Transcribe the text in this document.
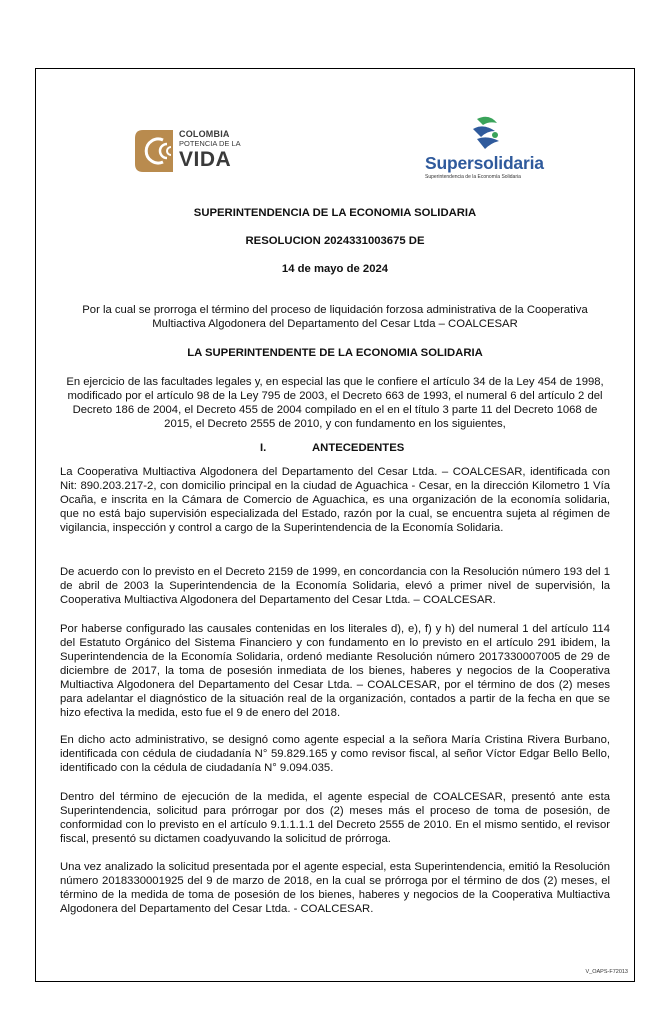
COLOMBIA
POTENCIA DE LA
VIDA	Supersolidaria
Superintendencia de la Economía Solidaria
SUPERINTENDENCIA DE LA ECONOMIA SOLIDARIA
RESOLUCION 2024331003675 DE
14 de mayo de 2024
Por la cual se prorroga el término del proceso de liquidación forzosa administrativa de la Cooperativa Multiactiva Algodonera del Departamento del Cesar Ltda – COALCESAR
LA SUPERINTENDENTE DE LA ECONOMIA SOLIDARIA
En ejercicio de las facultades legales y, en especial las que le confiere el artículo 34 de la Ley 454 de 1998, modificado por el artículo 98 de la Ley 795 de 2003, el Decreto 663 de 1993, el numeral 6 del artículo 2 del Decreto 186 de 2004, el Decreto 455 de 2004 compilado en el en el título 3 parte 11 del Decreto 1068 de 2015, el Decreto 2555 de 2010, y con fundamento en los siguientes,
I.	ANTECEDENTES
La Cooperativa Multiactiva Algodonera del Departamento del Cesar Ltda. – COALCESAR, identificada con Nit: 890.203.217-2, con domicilio principal en la ciudad de Aguachica - Cesar, en la dirección Kilometro 1 Vía Ocaña, e inscrita en la Cámara de Comercio de Aguachica, es una organización de la economía solidaria, que no está bajo supervisión especializada del Estado, razón por la cual, se encuentra sujeta al régimen de vigilancia, inspección y control a cargo de la Superintendencia de la Economía Solidaria.
De acuerdo con lo previsto en el Decreto 2159 de 1999, en concordancia con la Resolución número 193 del 1 de abril de 2003 la Superintendencia de la Economía Solidaria, elevó a primer nivel de supervisión, la Cooperativa Multiactiva Algodonera del Departamento del Cesar Ltda. – COALCESAR.
Por haberse configurado las causales contenidas en los literales d), e), f) y h) del numeral 1 del artículo 114 del Estatuto Orgánico del Sistema Financiero y con fundamento en lo previsto en el artículo 291 ibidem, la Superintendencia de la Economía Solidaria, ordenó mediante Resolución número 2017330007005 de 29 de diciembre de 2017, la toma de posesión inmediata de los bienes, haberes y negocios de la Cooperativa Multiactiva Algodonera del Departamento del Cesar Ltda. – COALCESAR, por el término de dos (2) meses para adelantar el diagnóstico de la situación real de la organización, contados a partir de la fecha en que se hizo efectiva la medida, esto fue el 9 de enero del 2018.
En dicho acto administrativo, se designó como agente especial a la señora María Cristina Rivera Burbano, identificada con cédula de ciudadanía N° 59.829.165 y como revisor fiscal, al señor Víctor Edgar Bello Bello, identificado con la cédula de ciudadanía N° 9.094.035.
Dentro del término de ejecución de la medida, el agente especial de COALCESAR, presentó ante esta Superintendencia, solicitud para prórrogar por dos (2) meses más el proceso de toma de posesión, de conformidad con lo previsto en el artículo 9.1.1.1.1 del Decreto 2555 de 2010. En el mismo sentido, el revisor fiscal, presentó su dictamen coadyuvando la solicitud de prórroga.
Una vez analizado la solicitud presentada por el agente especial, esta Superintendencia, emitió la Resolución número 2018330001925 del 9 de marzo de 2018, en la cual se prórroga por el término de dos (2) meses, el término de la medida de toma de posesión de los bienes, haberes y negocios de la Cooperativa Multiactiva Algodonera del Departamento del Cesar Ltda. - COALCESAR.
V_OAPS-F72013
